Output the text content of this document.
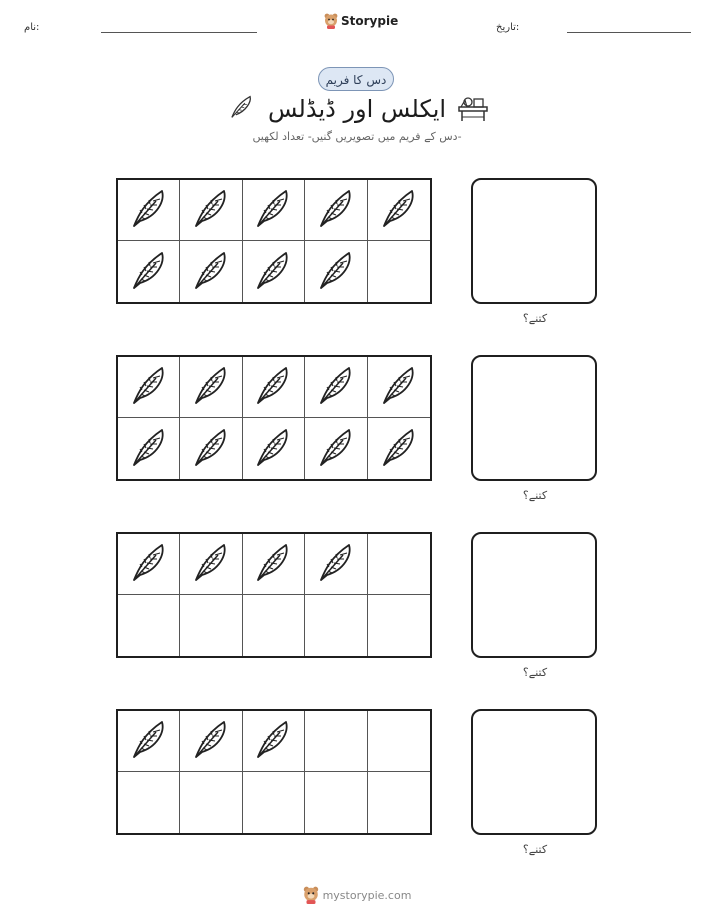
نام:	Storypie	تاریخ:
دس کا فریم
ایکلس اور ڈیڈلس
دس کے فریم میں تصویریں گنیں- تعداد لکھیں-
کتنے؟
کتنے؟
کتنے؟
کتنے؟
mystorypie.com
